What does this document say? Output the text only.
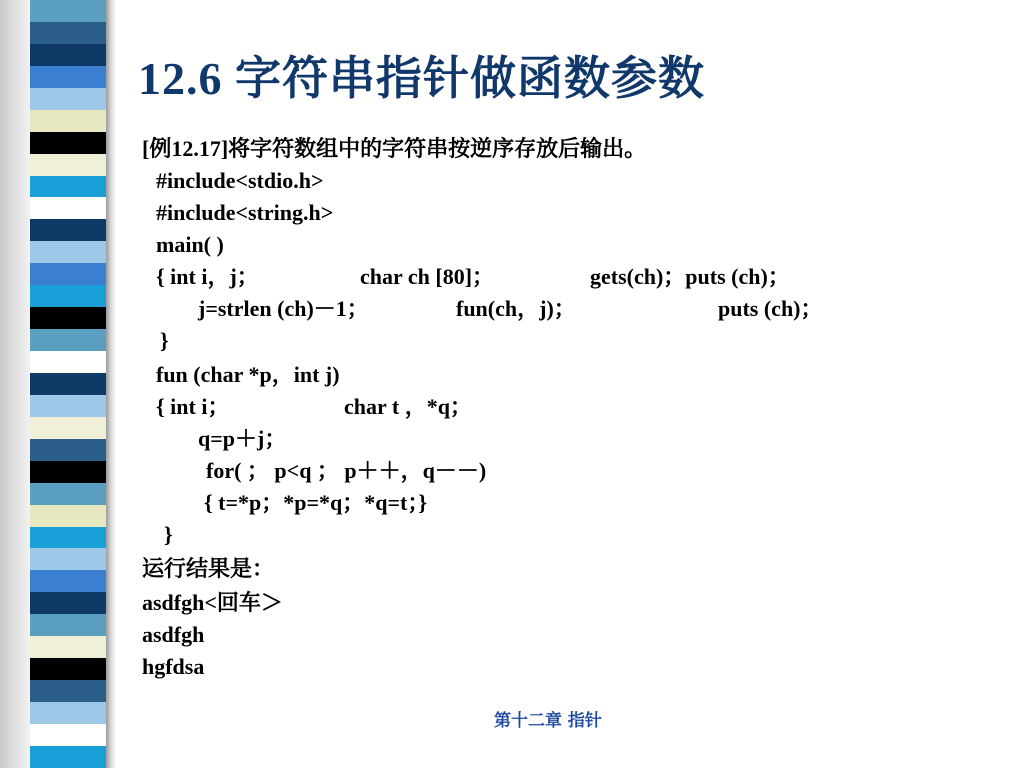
12.6 字符串指针做函数参数
[例12.17]将字符数组中的字符串按逆序存放后输出。
#include<stdio.h>
#include<string.h>
main( )
{ int i，j；	char ch [80]；	gets(ch)；puts (ch)；
j=strlen (ch)－1；	fun(ch，j)；	puts (ch)；
}
fun (char *p，int j)
{ int i；	char t ，*q；
q=p＋j；
for( ； p<q ； p＋＋，q－－)
{ t=*p；*p=*q；*q=t；}
}
运行结果是：
asdfgh<回车＞
asdfgh
hgfdsa
第十二章 指针
